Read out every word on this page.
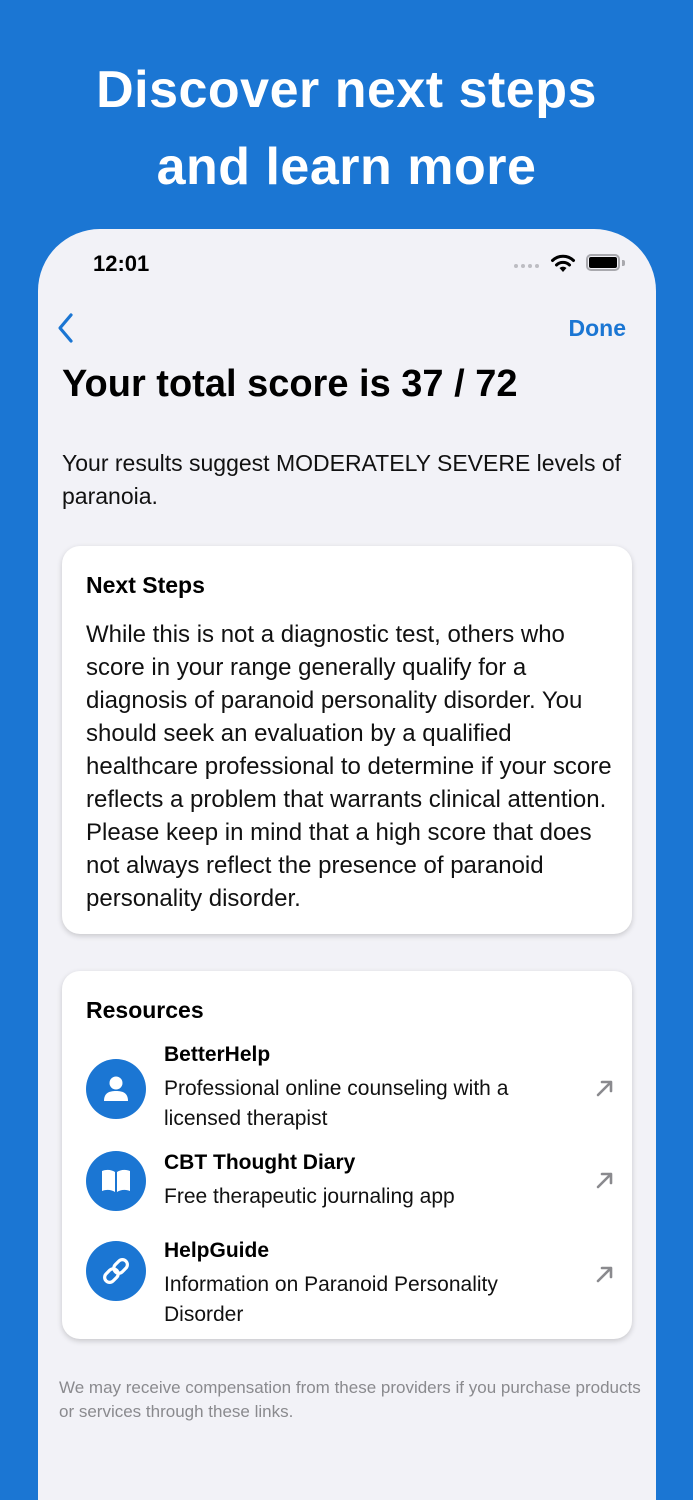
Discover next steps
and learn more
12:01
Done
Your total score is 37 / 72
Your results suggest MODERATELY SEVERE levels of paranoia.
Next Steps
While this is not a diagnostic test, others who score in your range generally qualify for a diagnosis of paranoid personality disorder. You should seek an evaluation by a qualified healthcare professional to determine if your score reflects a problem that warrants clinical attention. Please keep in mind that a high score that does not always reflect the presence of paranoid personality disorder.
Resources
BetterHelp
Professional online counseling with a licensed therapist
CBT Thought Diary
Free therapeutic journaling app
HelpGuide
Information on Paranoid Personality Disorder
We may receive compensation from these providers if you purchase products or services through these links.
